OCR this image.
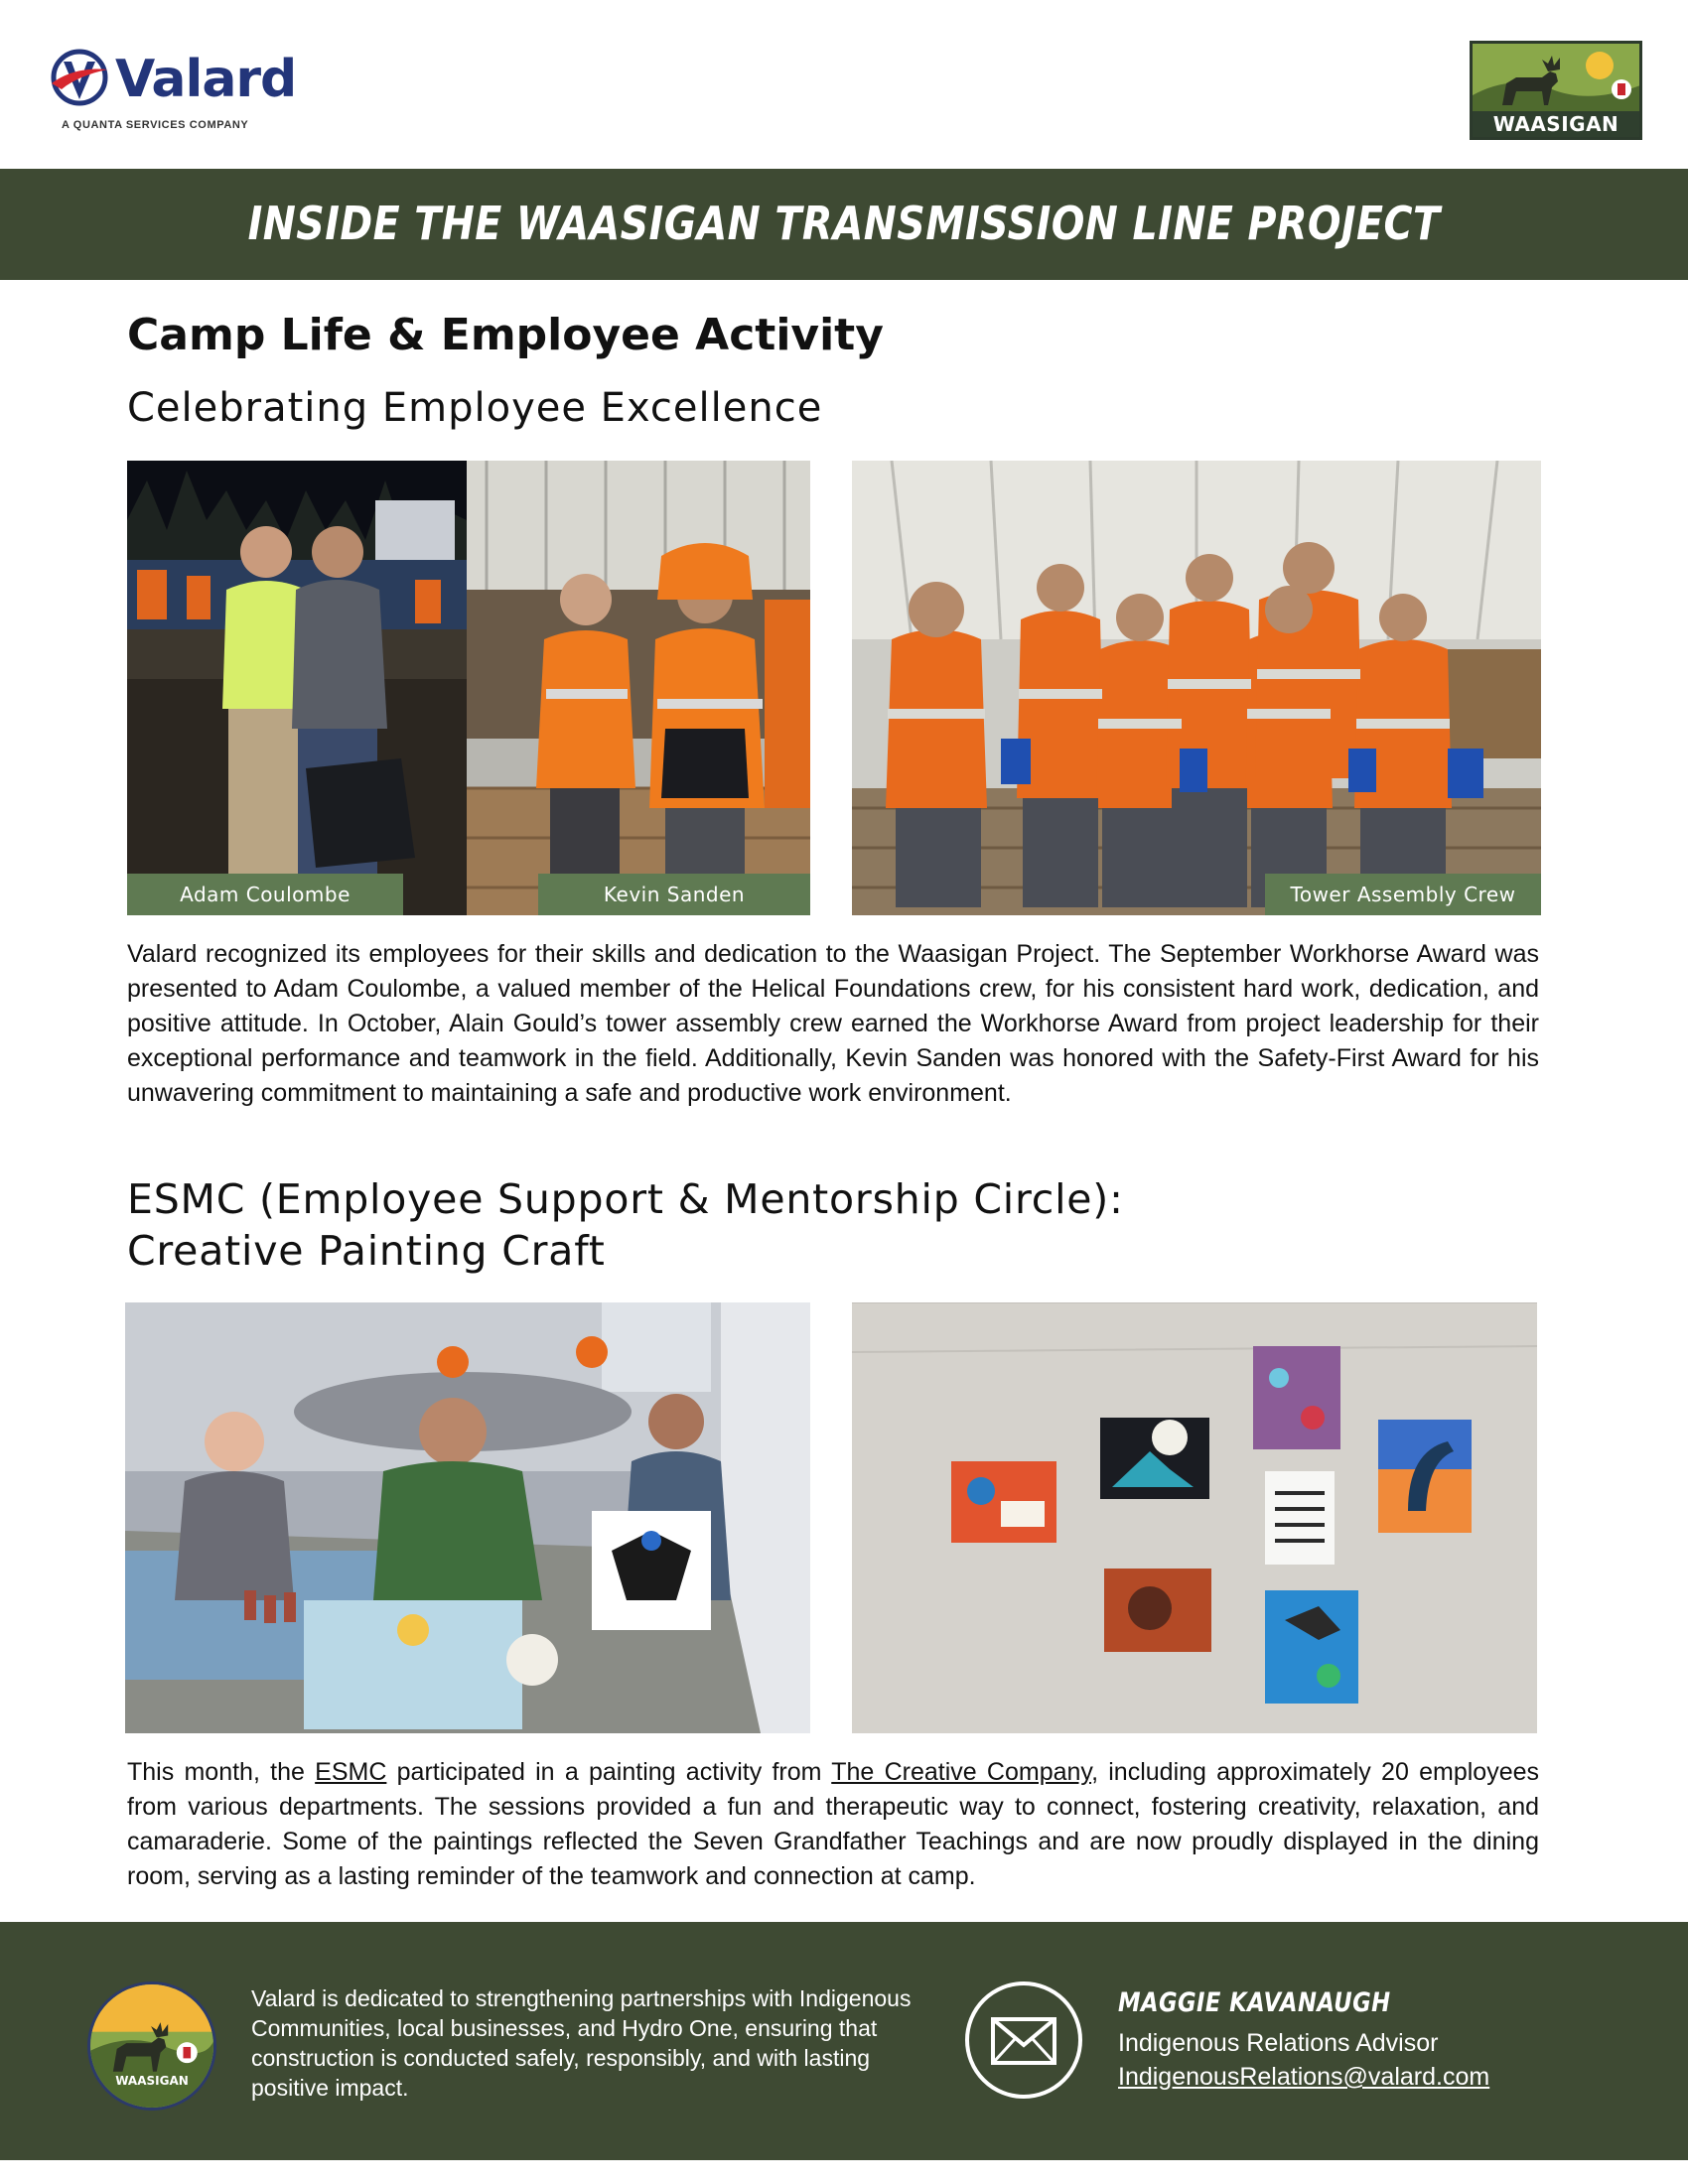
Valard
A QUANTA SERVICES COMPANY	WAASIGAN
INSIDE THE WAASIGAN TRANSMISSION LINE PROJECT
Camp Life & Employee Activity
Celebrating Employee Excellence
Adam Coulombe	Kevin Sanden	Tower Assembly Crew
Valard recognized its employees for their skills and dedication to the Waasigan Project. The September Workhorse Award was presented to Adam Coulombe, a valued member of the Helical Foundations crew, for his consistent hard work, dedication, and positive attitude. In October, Alain Gould’s tower assembly crew earned the Workhorse Award from project leadership for their exceptional performance and teamwork in the field. Additionally, Kevin Sanden was honored with the Safety-First Award for his unwavering commitment to maintaining a safe and productive work environment.
ESMC (Employee Support & Mentorship Circle):
Creative Painting Craft
This month, the ESMC participated in a painting activity from The Creative Company, including approximately 20 employees from various departments. The sessions provided a fun and therapeutic way to connect, fostering creativity, relaxation, and camaraderie. Some of the paintings reflected the Seven Grandfather Teachings and are now proudly displayed in the dining room, serving as a lasting reminder of the teamwork and connection at camp.
WAASIGAN
Valard is dedicated to strengthening partnerships with Indigenous Communities, local businesses, and Hydro One, ensuring that construction is conducted safely, responsibly, and with lasting positive impact.
MAGGIE KAVANAUGH
Indigenous Relations Advisor
IndigenousRelations@valard.com
